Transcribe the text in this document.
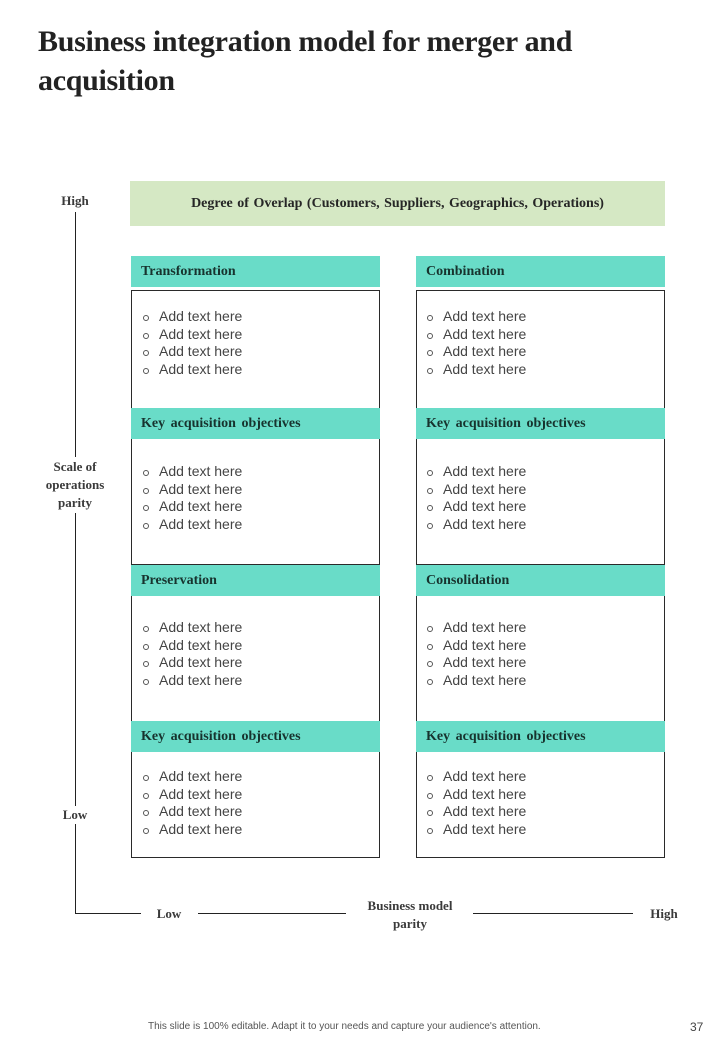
Business integration model for merger and acquisition
High
Scale of operations parity
Low
Low
Business model parity
High
Degree of Overlap (Customers, Suppliers, Geographics, Operations)
Transformation
Add text here
Add text here
Add text here
Add text here
Key acquisition objectives
Add text here
Add text here
Add text here
Add text here
Preservation
Add text here
Add text here
Add text here
Add text here
Key acquisition objectives
Add text here
Add text here
Add text here
Add text here
Combination
Add text here
Add text here
Add text here
Add text here
Key acquisition objectives
Add text here
Add text here
Add text here
Add text here
Consolidation
Add text here
Add text here
Add text here
Add text here
Key acquisition objectives
Add text here
Add text here
Add text here
Add text here
This slide is 100% editable. Adapt it to your needs and capture your audience's attention.	37
